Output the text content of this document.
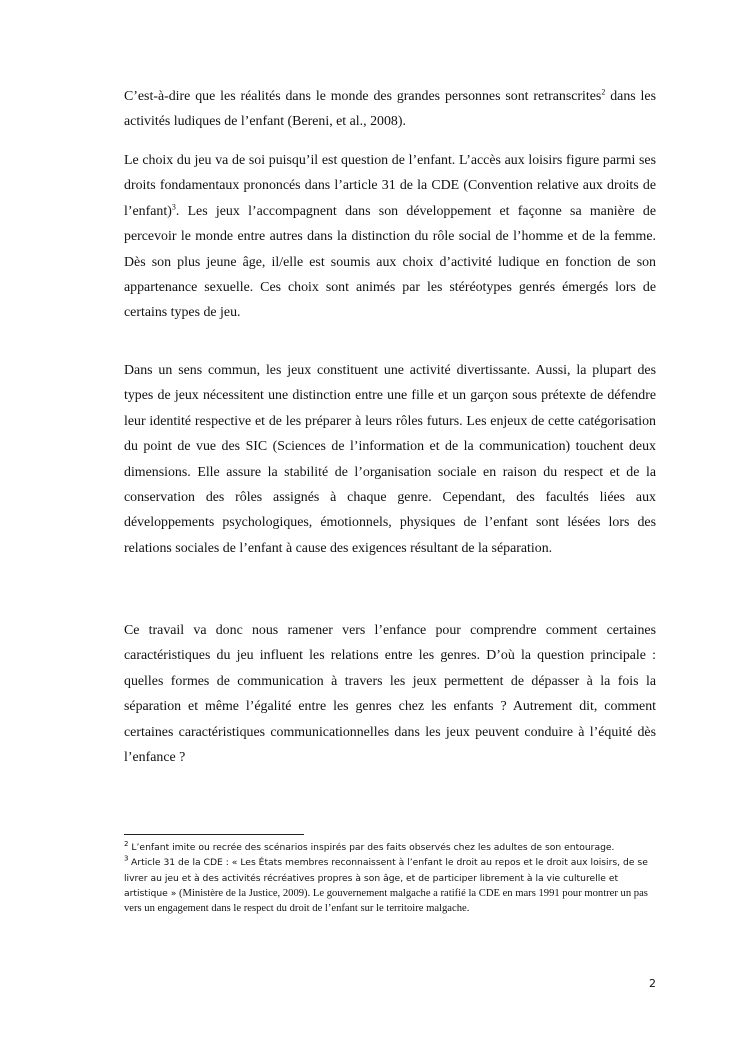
C’est-à-dire que les réalités dans le monde des grandes personnes sont retranscrites$^2$ dans les activités ludiques de l’enfant (Bereni, et al., 2008).

Le choix du jeu va de soi puisqu’il est question de l’enfant. L’accès aux loisirs figure parmi ses droits fondamentaux prononcés dans l’article 31 de la CDE (Convention relative aux droits de l’enfant)$^3$. Les jeux l’accompagnent dans son développement et façonne sa manière de percevoir le monde entre autres dans la distinction du rôle social de l’homme et de la femme. Dès son plus jeune âge, il/elle est soumis aux choix d’activité ludique en fonction de son appartenance sexuelle. Ces choix sont animés par les stéréotypes genrés émergés lors de certains types de jeu.

Dans un sens commun, les jeux constituent une activité divertissante. Aussi, la plupart des types de jeux nécessitent une distinction entre une fille et un garçon sous prétexte de défendre leur identité respective et de les préparer à leurs rôles futurs. Les enjeux de cette catégorisation du point de vue des SIC (Sciences de l’information et de la communication) touchent deux dimensions. Elle assure la stabilité de l’organisation sociale en raison du respect et de la conservation des rôles assignés à chaque genre. Cependant, des facultés liées aux développements psychologiques, émotionnels, physiques de l’enfant sont lésées lors des relations sociales de l’enfant à cause des exigences résultant de la séparation.

Ce travail va donc nous ramener vers l’enfance pour comprendre comment certaines caractéristiques du jeu influent les relations entre les genres. D’où la question principale : quelles formes de communication à travers les jeux permettent de dépasser à la fois la séparation et même l’égalité entre les genres chez les enfants ? Autrement dit, comment certaines caractéristiques communicationnelles dans les jeux peuvent conduire à l’équité dès l’enfance ?

$^2$ L’enfant imite ou recrée des scénarios inspirés par des faits observés chez les adultes de son entourage.

$^3$ Article 31 de la CDE : « Les États membres reconnaissent à l’enfant le droit au repos et le droit aux loisirs, de se livrer au jeu et à des activités récréatives propres à son âge, et de participer librement à la vie culturelle et artistique » (Ministère de la Justice, 2009). Le gouvernement malgache a ratifié la CDE en mars 1991 pour montrer un pas vers un engagement dans le respect du droit de l’enfant sur le territoire malgache.

2
